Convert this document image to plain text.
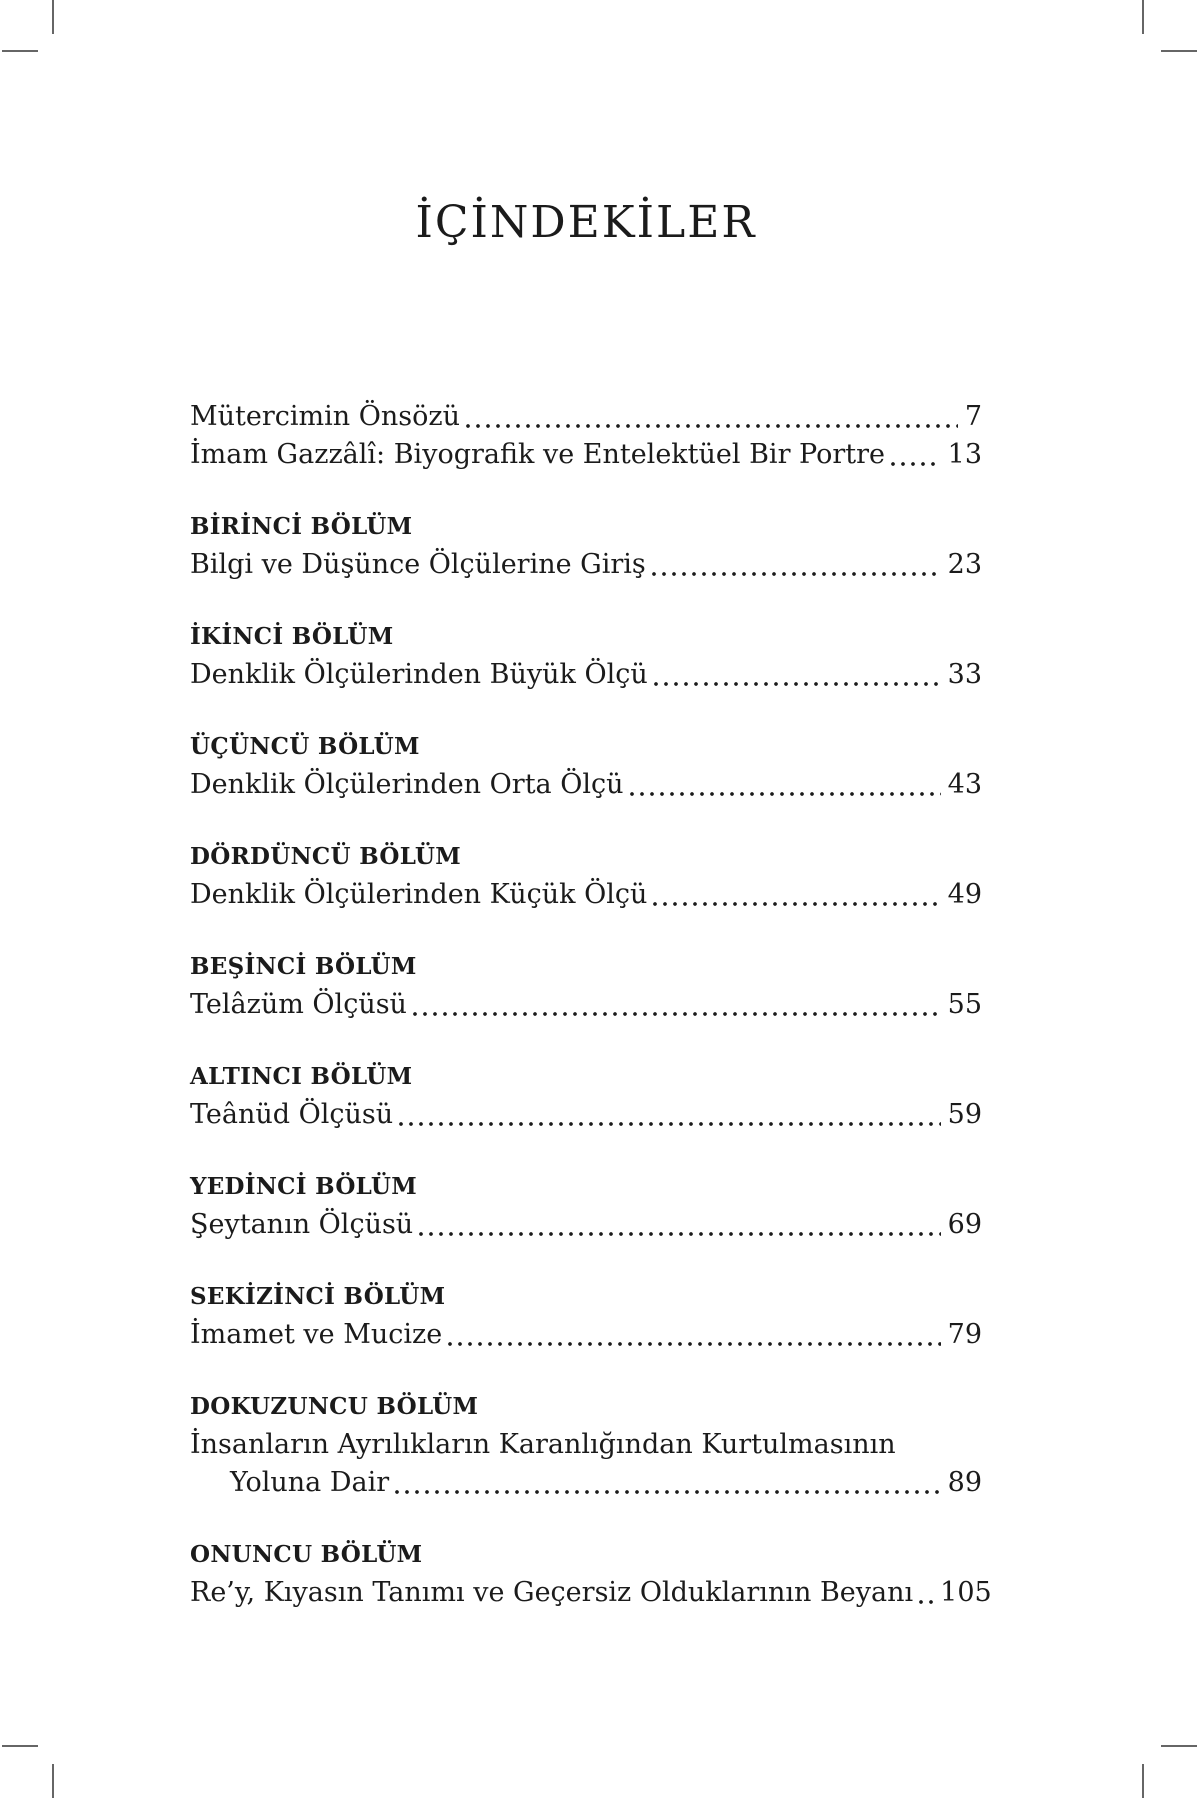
İÇİNDEKİLER
Mütercimin Önsözü	7
İmam Gazzâlî: Biyografik ve Entelektüel Bir Portre 13
BİRİNCİ BÖLÜM
Bilgi ve Düşünce Ölçülerine Giriş	23
İKİNCİ BÖLÜM
Denklik Ölçülerinden Büyük Ölçü	33
ÜÇÜNCÜ BÖLÜM
Denklik Ölçülerinden Orta Ölçü	43
DÖRDÜNCÜ BÖLÜM
Denklik Ölçülerinden Küçük Ölçü	49
BEŞİNCİ BÖLÜM
Telâzüm Ölçüsü	55
ALTINCI BÖLÜM
Teânüd Ölçüsü	59
YEDİNCİ BÖLÜM
Şeytanın Ölçüsü	69
SEKİZİNCİ BÖLÜM
İmamet ve Mucize	79
DOKUZUNCU BÖLÜM
İnsanların Ayrılıkların Karanlığından Kurtulmasının
Yoluna Dair	89
ONUNCU BÖLÜM
Re’y, Kıyasın Tanımı ve Geçersiz Olduklarının Beyanı 105
